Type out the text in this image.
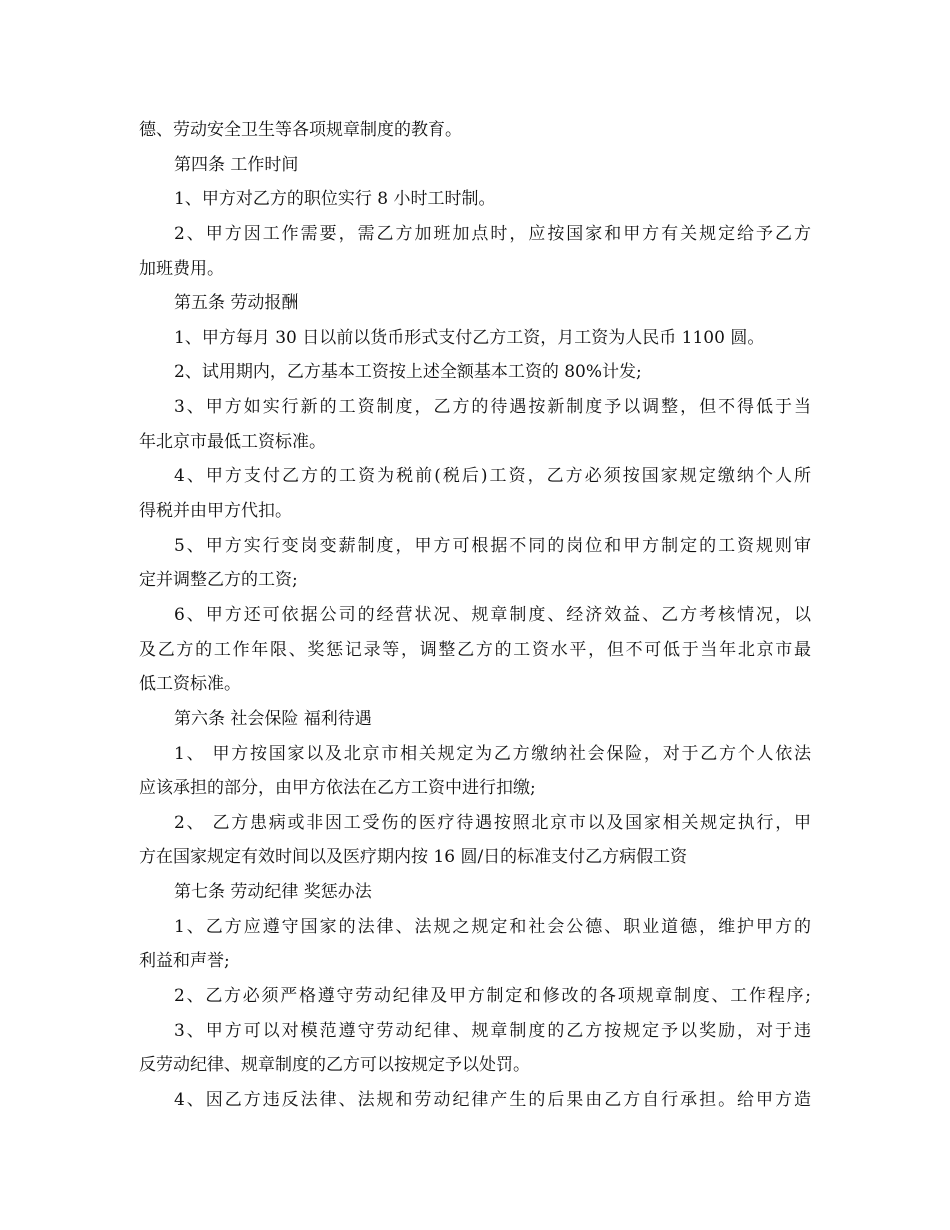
德、劳动安全卫生等各项规章制度的教育。
第四条 工作时间
1、甲方对乙方的职位实行 8 小时工时制。
2、甲方因工作需要，需乙方加班加点时，应按国家和甲方有关规定给予乙方
加班费用。
第五条 劳动报酬
1、甲方每月 30 日以前以货币形式支付乙方工资，月工资为人民币 1100 圆。
2、试用期内，乙方基本工资按上述全额基本工资的 80%计发;
3、甲方如实行新的工资制度，乙方的待遇按新制度予以调整，但不得低于当
年北京市最低工资标准。
4、甲方支付乙方的工资为税前(税后)工资，乙方必须按国家规定缴纳个人所
得税并由甲方代扣。
5、甲方实行变岗变薪制度，甲方可根据不同的岗位和甲方制定的工资规则审
定并调整乙方的工资;
6、甲方还可依据公司的经营状况、规章制度、经济效益、乙方考核情况，以
及乙方的工作年限、奖惩记录等，调整乙方的工资水平，但不可低于当年北京市最
低工资标准。
第六条 社会保险 福利待遇
1、 甲方按国家以及北京市相关规定为乙方缴纳社会保险，对于乙方个人依法
应该承担的部分，由甲方依法在乙方工资中进行扣缴;
2、 乙方患病或非因工受伤的医疗待遇按照北京市以及国家相关规定执行，甲
方在国家规定有效时间以及医疗期内按 16 圆/日的标准支付乙方病假工资
第七条 劳动纪律 奖惩办法
1、乙方应遵守国家的法律、法规之规定和社会公德、职业道德，维护甲方的
利益和声誉;
2、乙方必须严格遵守劳动纪律及甲方制定和修改的各项规章制度、工作程序;
3、甲方可以对模范遵守劳动纪律、规章制度的乙方按规定予以奖励，对于违
反劳动纪律、规章制度的乙方可以按规定予以处罚。
4、因乙方违反法律、法规和劳动纪律产生的后果由乙方自行承担。给甲方造
